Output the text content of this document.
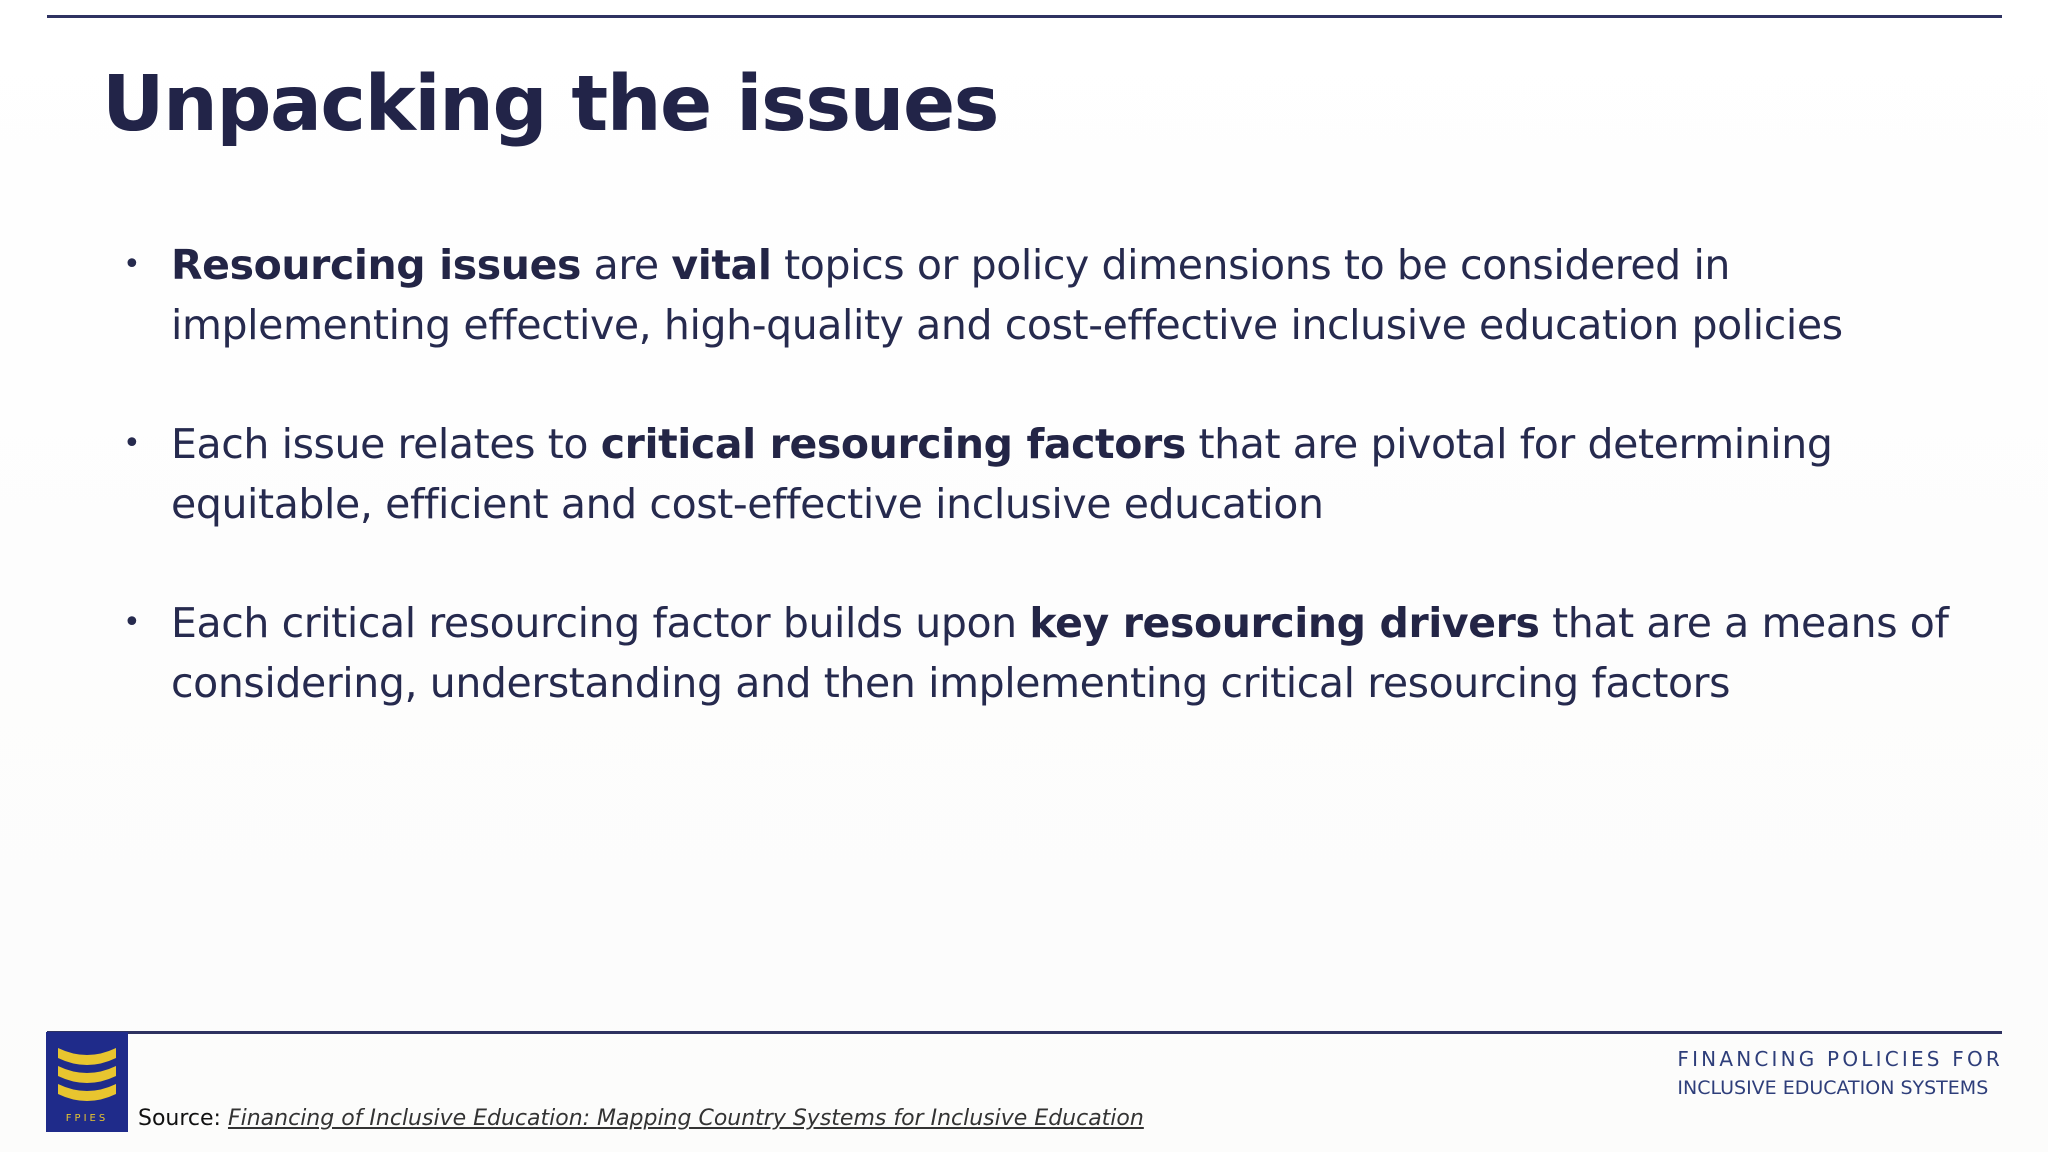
Unpacking the issues
• Resourcing issues are vital topics or policy dimensions to be considered in implementing effective, high-quality and cost-effective inclusive education policies
• Each issue relates to critical resourcing factors that are pivotal for determining equitable, efficient and cost-effective inclusive education
• Each critical resourcing factor builds upon key resourcing drivers that are a means of considering, understanding and then implementing critical resourcing factors
FPIES	Source: Financing of Inclusive Education: Mapping Country Systems for Inclusive Education
FINANCING POLICIES FOR
INCLUSIVE EDUCATION SYSTEMS
